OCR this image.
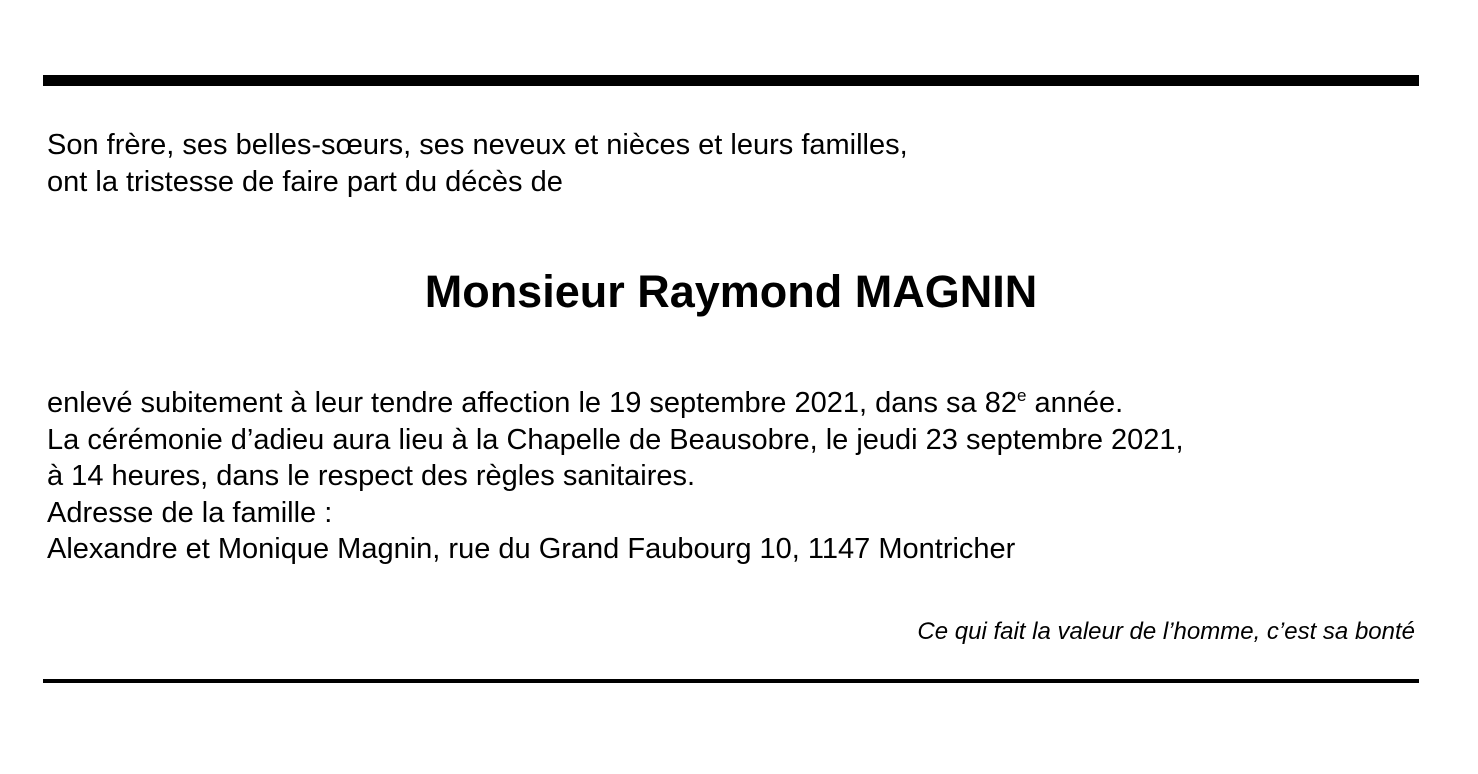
Son frère, ses belles-sœurs, ses neveux et nièces et leurs familles,
ont la tristesse de faire part du décès de
Monsieur Raymond MAGNIN
enlevé subitement à leur tendre affection le 19 septembre 2021, dans sa 82e année.
La cérémonie d’adieu aura lieu à la Chapelle de Beausobre, le jeudi 23 septembre 2021,
à 14 heures, dans le respect des règles sanitaires.
Adresse de la famille :
Alexandre et Monique Magnin, rue du Grand Faubourg 10, 1147 Montricher
Ce qui fait la valeur de l’homme, c’est sa bonté
